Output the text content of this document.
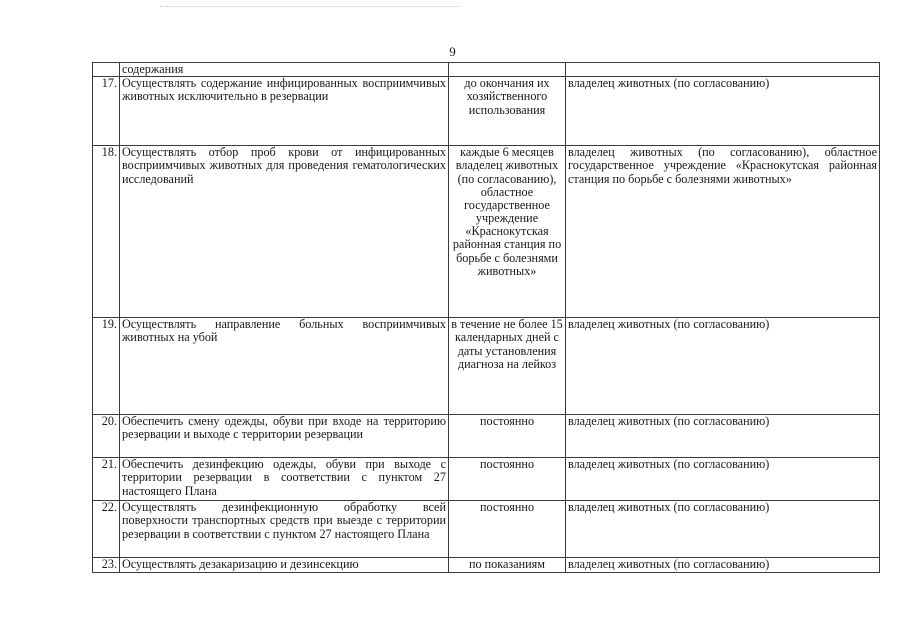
9
	содержания		
17.	Осуществлять содержание инфицированных восприимчивых животных исключительно в резервации	до окончания их хозяйственного использования	владелец животных (по согласованию)
18.	Осуществлять отбор проб крови от инфицированных восприимчивых животных для проведения гематологических исследований	каждые 6 месяцев владелец животных (по согласованию), областное государственное учреждение «Краснокутская районная станция по борьбе с болезнями животных»	владелец животных (по согласованию), областное государственное учреждение «Краснокутская районная станция по борьбе с болезнями животных»
19.	Осуществлять направление больных восприимчивых животных на убой	в течение не более 15 календарных дней с даты установления диагноза на лейкоз	владелец животных (по согласованию)
20.	Обеспечить смену одежды, обуви при входе на территорию резервации и выходе с территории резервации	постоянно	владелец животных (по согласованию)
21.	Обеспечить дезинфекцию одежды, обуви при выходе с территории резервации в соответствии с пунктом 27 настоящего Плана	постоянно	владелец животных (по согласованию)
22.	Осуществлять дезинфекционную обработку всей поверхности транспортных средств при выезде с территории резервации в соответствии с пунктом 27 настоящего Плана	постоянно	владелец животных (по согласованию)
23.	Осуществлять дезакаризацию и дезинсекцию	по показаниям	владелец животных (по согласованию)
